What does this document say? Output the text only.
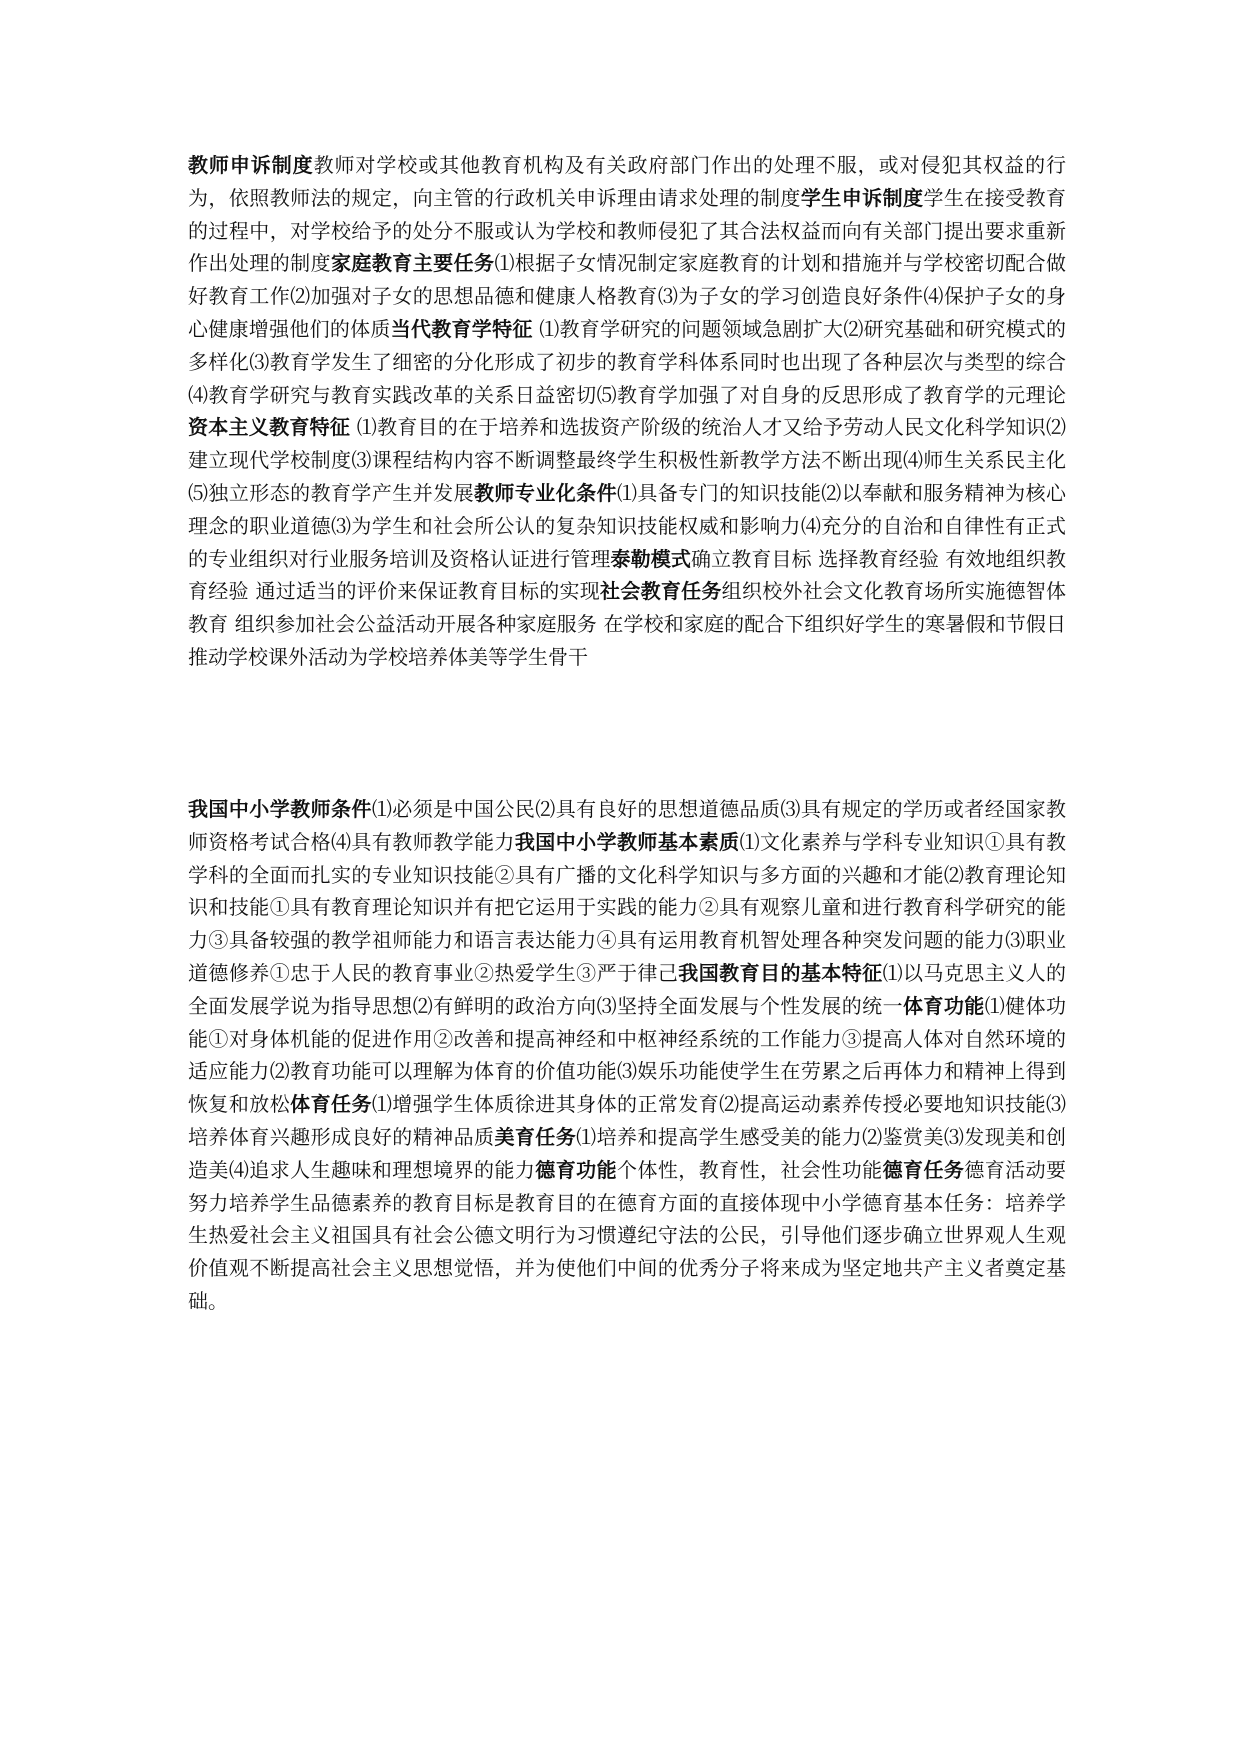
教师申诉制度教师对学校或其他教育机构及有关政府部门作出的处理不服，或对侵犯其权益的行为，依照教师法的规定，向主管的行政机关申诉理由请求处理的制度学生申诉制度学生在接受教育的过程中，对学校给予的处分不服或认为学校和教师侵犯了其合法权益而向有关部门提出要求重新作出处理的制度家庭教育主要任务⑴根据子女情况制定家庭教育的计划和措施并与学校密切配合做好教育工作⑵加强对子女的思想品德和健康人格教育⑶为子女的学习创造良好条件⑷保护子女的身心健康增强他们的体质当代教育学特征 ⑴教育学研究的问题领域急剧扩大⑵研究基础和研究模式的多样化⑶教育学发生了细密的分化形成了初步的教育学科体系同时也出现了各种层次与类型的综合⑷教育学研究与教育实践改革的关系日益密切⑸教育学加强了对自身的反思形成了教育学的元理论资本主义教育特征 ⑴教育目的在于培养和选拔资产阶级的统治人才又给予劳动人民文化科学知识⑵建立现代学校制度⑶课程结构内容不断调整最终学生积极性新教学方法不断出现⑷师生关系民主化⑸独立形态的教育学产生并发展教师专业化条件⑴具备专门的知识技能⑵以奉献和服务精神为核心理念的职业道德⑶为学生和社会所公认的复杂知识技能权威和影响力⑷充分的自治和自律性有正式的专业组织对行业服务培训及资格认证进行管理泰勒模式确立教育目标 选择教育经验 有效地组织教育经验 通过适当的评价来保证教育目标的实现社会教育任务组织校外社会文化教育场所实施德智体教育 组织参加社会公益活动开展各种家庭服务 在学校和家庭的配合下组织好学生的寒暑假和节假日 推动学校课外活动为学校培养体美等学生骨干
我国中小学教师条件⑴必须是中国公民⑵具有良好的思想道德品质⑶具有规定的学历或者经国家教师资格考试合格⑷具有教师教学能力我国中小学教师基本素质⑴文化素养与学科专业知识①具有教学科的全面而扎实的专业知识技能②具有广播的文化科学知识与多方面的兴趣和才能⑵教育理论知识和技能①具有教育理论知识并有把它运用于实践的能力②具有观察儿童和进行教育科学研究的能力③具备较强的教学祖师能力和语言表达能力④具有运用教育机智处理各种突发问题的能力⑶职业道德修养①忠于人民的教育事业②热爱学生③严于律己我国教育目的基本特征⑴以马克思主义人的全面发展学说为指导思想⑵有鲜明的政治方向⑶坚持全面发展与个性发展的统一体育功能⑴健体功能①对身体机能的促进作用②改善和提高神经和中枢神经系统的工作能力③提高人体对自然环境的适应能力⑵教育功能可以理解为体育的价值功能⑶娱乐功能使学生在劳累之后再体力和精神上得到恢复和放松体育任务⑴增强学生体质徐进其身体的正常发育⑵提高运动素养传授必要地知识技能⑶培养体育兴趣形成良好的精神品质美育任务⑴培养和提高学生感受美的能力⑵鉴赏美⑶发现美和创造美⑷追求人生趣味和理想境界的能力德育功能个体性，教育性，社会性功能德育任务德育活动要努力培养学生品德素养的教育目标是教育目的在德育方面的直接体现中小学德育基本任务：培养学生热爱社会主义祖国具有社会公德文明行为习惯遵纪守法的公民，引导他们逐步确立世界观人生观价值观不断提高社会主义思想觉悟，并为使他们中间的优秀分子将来成为坚定地共产主义者奠定基础。
